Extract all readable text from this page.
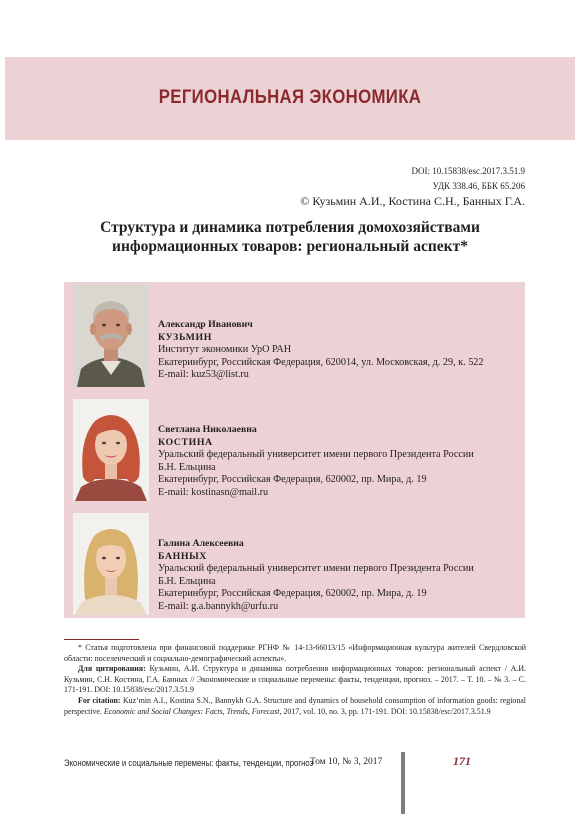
РЕГИОНАЛЬНАЯ ЭКОНОМИКА
DOI: 10.15838/esc.2017.3.51.9
УДК 338.46, ББК 65.206
© Кузьмин А.И., Костина С.Н., Банных Г.А.
Структура и динамика потребления домохозяйствами
информационных товаров: региональный аспект*
Александр Иванович
КУЗЬМИН
Институт экономики УрО РАН
Екатеринбург, Российская Федерация, 620014, ул. Московская, д. 29, к. 522
E-mail: kuz53@list.ru
Светлана Николаевна
КОСТИНА
Уральский федеральный университет имени первого Президента России
Б.Н. Ельцина
Екатеринбург, Российская Федерация, 620002, пр. Мира, д. 19
E-mail: kostinasn@mail.ru
Галина Алексеевна
БАННЫХ
Уральский федеральный университет имени первого Президента России
Б.Н. Ельцина
Екатеринбург, Российская Федерация, 620002, пр. Мира, д. 19
E-mail: g.a.bannykh@urfu.ru

* Статья подготовлена при финансовой поддержке РГНФ № 14-13-66013/15 «Информационная культура жителей Свердловской области: поселенческий и социально-демографический аспекты».

Для цитирования: Кузьмин, А.И. Структура и динамика потребления информационных товаров: региональный аспект / А.И. Кузьмин, С.Н. Костина, Г.А. Банных // Экономические и социальные перемены: факты, тенденции, прогноз. – 2017. – Т. 10. – № 3. – С. 171-191. DOI: 10.15838/esc/2017.3.51.9

For citation: Kuz’min A.I., Kostina S.N., Bannykh G.A. Structure and dynamics of household consumption of information goods: regional perspective. Economic and Social Changes: Facts, Trends, Forecast, 2017, vol. 10, no. 3, pp. 171-191. DOI: 10.15838/esc/2017.3.51.9

Экономические и социальные перемены: факты, тенденции, прогноз
Том 10, № 3, 2017	171
